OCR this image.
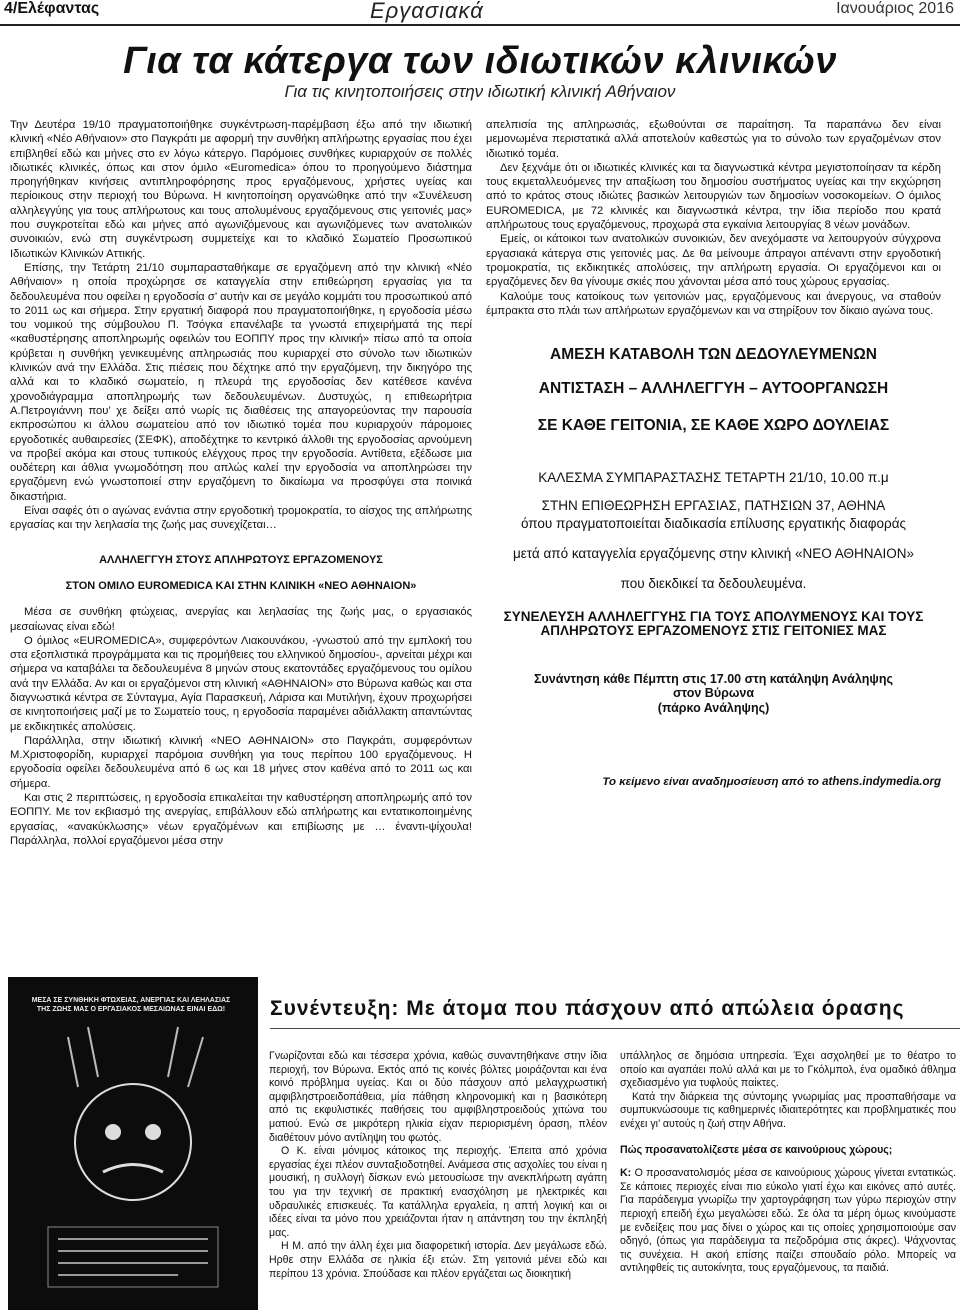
4/Ελέφαντας	Εργασιακά	Ιανουάριος 2016
Για τα κάτεργα των ιδιωτικών κλινικών
Για τις κινητοποιήσεις στην ιδιωτική κλινική Αθήναιον

Την Δευτέρα 19/10 πραγματοποιήθηκε συγκέντρωση-παρέμβαση έξω από την ιδιωτική κλινική «Νέο Αθήναιον» στο Παγκράτι με αφορμή την συνθήκη απλήρωτης εργασίας που έχει επιβληθεί εδώ και μήνες στο εν λόγω κάτεργο. Παρόμοιες συνθήκες κυριαρχούν σε πολλές ιδιωτικές κλινικές, όπως και στον όμιλο «Euromedica» όπου το προηγούμενο διάστημα προηγήθηκαν κινήσεις αντιπληροφόρησης προς εργαζόμενους, χρήστες υγείας και περίοικους στην περιοχή του Βύρωνα. Η κινητοποίηση οργανώθηκε από την «Συνέλευση αλληλεγγύης για τους απλήρωτους και τους απολυμένους εργαζόμενους στις γειτονιές μας» που συγκροτείται εδώ και μήνες από αγωνιζόμενους και αγωνιζόμενες των ανατολικών συνοικιών, ενώ στη συγκέντρωση συμμετείχε και το κλαδικό Σωματείο Προσωπικού Ιδιωτικών Κλινικών Αττικής.

Επίσης, την Τετάρτη 21/10 συμπαρασταθήκαμε σε εργαζόμενη από την κλινική «Νέο Αθήναιον» η οποία προχώρησε σε καταγγελία στην επιθεώρηση εργασίας για τα δεδουλευμένα που οφείλει η εργοδοσία σ’ αυτήν και σε μεγάλο κομμάτι του προσωπικού από το 2011 ως και σήμερα. Στην εργατική διαφορά που πραγματοποιήθηκε, η εργοδοσία μέσω του νομικού της σύμβουλου Π. Τσόγκα επανέλαβε τα γνωστά επιχειρήματά της περί «καθυστέρησης αποπληρωμής οφειλών του ΕΟΠΠΥ προς την κλινική» πίσω από τα οποία κρύβεται η συνθήκη γενικευμένης απληρωσιάς που κυριαρχεί στο σύνολο των ιδιωτικών κλινικών ανά την Ελλάδα. Στις πιέσεις που δέχτηκε από την εργαζόμενη, την δικηγόρο της αλλά και το κλαδικό σωματείο, η πλευρά της εργοδοσίας δεν κατέθεσε κανένα χρονοδιάγραμμα αποπληρωμής των δεδουλευμένων. Δυστυχώς, η επιθεωρήτρια Α.Πετρογιάννη που’ χε δείξει από νωρίς τις διαθέσεις της απαγορεύοντας την παρουσία εκπροσώπου κι άλλου σωματείου από τον ιδιωτικό τομέα που κυριαρχούν πάρομοιες εργοδοτικές αυθαιρεσίες (ΣΕΦΚ), αποδέχτηκε το κεντρικό άλλοθι της εργοδοσίας αρνούμενη να προβεί ακόμα και στους τυπικούς ελέγχους προς την εργοδοσία. Αντίθετα, εξέδωσε μια ουδέτερη και άθλια γνωμοδότηση που απλώς καλεί την εργοδοσία να αποπληρώσει την εργαζόμενη ενώ γνωστοποιεί στην εργαζόμενη το δικαίωμα να προσφύγει στα ποινικά δικαστήρια.

Είναι σαφές ότι ο αγώνας ενάντια στην εργοδοτική τρομοκρατία, το αίσχος της απλήρωτης εργασίας και την λεηλασία της ζωής μας συνεχίζεται…

ΑΛΛΗΛΕΓΓΥΗ ΣΤΟΥΣ ΑΠΛΗΡΩΤΟΥΣ ΕΡΓΑΖΟΜΕΝΟΥΣ

ΣΤΟΝ ΟΜΙΛΟ EUROMEDICA ΚΑΙ ΣΤΗΝ ΚΛΙΝΙΚΗ «ΝΕΟ ΑΘΗΝΑΙΟΝ»

Μέσα σε συνθήκη φτώχειας, ανεργίας και λεηλασίας της ζωής μας, ο εργασιακός μεσαίωνας είναι εδώ!

Ο όμιλος «EUROMEDICA», συμφερόντων Λιακουνάκου, -γνωστού από την εμπλοκή του στα εξοπλιστικά προγράμματα και τις προμήθειες του ελληνικού δημοσίου-, αρνείται μέχρι και σήμερα να καταβάλει τα δεδουλευμένα 8 μηνών στους εκατοντάδες εργαζόμενους του ομίλου ανά την Ελλάδα. Αν και οι εργαζόμενοι στη κλινική «ΑΘΗΝΑΙΟΝ» στο Βύρωνα καθώς και στα διαγνωστικά κέντρα σε Σύνταγμα, Αγία Παρασκευή, Λάρισα και Μυτιλήνη, έχουν προχωρήσει σε κινητοποιήσεις μαζί με το Σωματείο τους, η εργοδοσία παραμένει αδιάλλακτη απαντώντας με εκδικητικές απολύσεις.

Παράλληλα, στην ιδιωτική κλινική «ΝΕΟ ΑΘΗΝΑΙΟΝ» στο Παγκράτι, συμφερόντων Μ.Χριστοφορίδη, κυριαρχεί παρόμοια συνθήκη για τους περίπου 100 εργαζόμενους. Η εργοδοσία οφείλει δεδουλευμένα από 6 ως και 18 μήνες στον καθένα από το 2011 ως και σήμερα.

Και στις 2 περιπτώσεις, η εργοδοσία επικαλείται την καθυστέρηση αποπληρωμής από τον ΕΟΠΠΥ. Με τον εκβιασμό της ανεργίας, επιβάλλουν εδώ απλήρωτης και εντατικοποιημένης εργασίας, «ανακύκλωσης» νέων εργαζόμένων και επιβίωσης με … έναντι-ψίχουλα! Παράλληλα, πολλοί εργαζόμενοι μέσα στην

απελπισία της απληρωσιάς, εξωθούνται σε παραίτηση. Τα παραπάνω δεν είναι μεμονωμένα περιστατικά αλλά αποτελούν καθεστώς για το σύνολο των εργαζομένων στον ιδιωτικό τομέα.

Δεν ξεχνάμε ότι οι ιδιωτικές κλινικές και τα διαγνωστικά κέντρα μεγιστοποίησαν τα κέρδη τους εκμεταλλευόμενες την απαξίωση του δημοσίου συστήματος υγείας και την εκχώρηση από το κράτος στους ιδιώτες βασικών λειτουργιών των δημοσίων νοσοκομείων. Ο όμιλος EUROMEDICA, με 72 κλινικές και διαγνωστικά κέντρα, την ίδια περίοδο που κρατά απλήρωτους τους εργαζόμενους, προχωρά στα εγκαίνια λειτουργίας 8 νέων μονάδων.

Εμείς, οι κάτοικοι των ανατολικών συνοικιών, δεν ανεχόμαστε να λειτουργούν σύγχρονα εργασιακά κάτεργα στις γειτονιές μας. Δε θα μείνουμε άπραγοι απέναντι στην εργοδοτική τρομοκρατία, τις εκδικητικές απολύσεις, την απλήρωτη εργασία. Οι εργαζόμενοι και οι εργαζόμενες δεν θα γίνουμε σκιές που χάνονται μέσα από τους χώρους εργασίας.

Καλούμε τους κατοίκους των γειτονιών μας, εργαζόμενους και άνεργους, να σταθούν έμπρακτα στο πλάι των απλήρωτων εργαζόμενων και να στηρίξουν τον δίκαιο αγώνα τους.

ΑΜΕΣΗ ΚΑΤΑΒΟΛΗ ΤΩΝ ΔΕΔΟΥΛΕΥΜΕΝΩΝ

ΑΝΤΙΣΤΑΣΗ – ΑΛΛΗΛΕΓΓΥΗ – ΑΥΤΟΟΡΓΑΝΩΣΗ

ΣΕ ΚΑΘΕ ΓΕΙΤΟΝΙΑ, ΣΕ ΚΑΘΕ ΧΩΡΟ ΔΟΥΛΕΙΑΣ

ΚΑΛΕΣΜΑ ΣΥΜΠΑΡΑΣΤΑΣΗΣ ΤΕΤΑΡΤΗ 21/10, 10.00 π.μ

ΣΤΗΝ ΕΠΙΘΕΩΡΗΣΗ ΕΡΓΑΣΙΑΣ, ΠΑΤΗΣΙΩΝ 37, ΑΘΗΝΑ

όπου πραγματοποιείται διαδικασία επίλυσης εργατικής διαφοράς

μετά από καταγγελία εργαζόμενης στην κλινική «ΝΕΟ ΑΘΗΝΑΙΟΝ»

που διεκδικεί τα δεδουλευμένα.

ΣΥΝΕΛΕΥΣΗ ΑΛΛΗΛΕΓΓΥΗΣ ΓΙΑ ΤΟΥΣ ΑΠΟΛΥΜΕΝΟΥΣ ΚΑΙ ΤΟΥΣ ΑΠΛΗΡΩΤΟΥΣ ΕΡΓΑΖΟΜΕΝΟΥΣ ΣΤΙΣ ΓΕΙΤΟΝΙΕΣ ΜΑΣ

Συνάντηση κάθε Πέμπτη στις 17.00 στη κατάληψη Ανάληψης

στον Βύρωνα

(πάρκο Ανάληψης)

Το κείμενο είναι αναδημοσίευση από το athens.indymedia.org

ΜΕΣΑ ΣΕ ΣΥΝΘΗΚΗ ΦΤΩΧΕΙΑΣ, ΑΝΕΡΓΙΑΣ ΚΑΙ ΛΕΗΛΑΣΙΑΣ ΤΗΣ ΖΩΗΣ ΜΑΣ Ο ΕΡΓΑΣΙΑΚΟΣ ΜΕΣΑΙΩΝΑΣ ΕΙΝΑΙ ΕΔΩ!	Συνέντευξη: Με άτομα που πάσχουν από απώλεια όρασης

Γνωρίζονται εδώ και τέσσερα χρόνια, καθώς συναντηθήκανε στην ίδια περιοχή, τον Βύρωνα. Εκτός από τις κοινές βόλτες μοιράζονται και ένα κοινό πρόβλημα υγείας. Και οι δύο πάσχουν από μελαγχρωστική αμφιβληστροειδοπάθεια, μία πάθηση κληρονομική και η βασικότερη από τις εκφυλιστικές παθήσεις του αμφιβληστροειδούς χιτώνα του ματιού. Ενώ σε μικρότερη ηλικία είχαν περιορισμένη όραση, πλέον διαθέτουν μόνο αντίληψη του φωτός.

Ο Κ. είναι μόνιμος κάτοικος της περιοχής. Έπειτα από χρόνια εργασίας έχει πλέον συνταξιοδοτηθεί. Ανάμεσα στις ασχολίες του είναι η μουσική, η συλλογή δίσκων ενώ μετουσίωσε την ανεκπλήρωτη αγάπη του για την τεχνική σε πρακτική ενασχόληση με ηλεκτρικές και υδραυλικές επισκευές. Τα κατάλληλα εργαλεία, η απτή λογική και οι ιδέες είναι τα μόνο που χρειάζονται ήταν η απάντηση του την έκπληξή μας.

Η Μ. από την άλλη έχει μια διαφορετική ιστορία. Δεν μεγάλωσε εδώ. Ηρθε στην Ελλάδα σε ηλικία έξι ετών. Στη γειτονιά μένει εδώ και περίπου 13 χρόνια. Σπούδασε και πλέον εργάζεται ως διοικητική

υπάλληλος σε δημόσια υπηρεσία. Έχει ασχοληθεί με το θέατρο το οποίο και αγαπάει πολύ αλλά και με το Γκόλμπολ, ένα ομαδικό άθλημα σχεδιασμένο για τυφλούς παίκτες.

Κατά την διάρκεια της σύντομης γνωριμίας μας προσπαθήσαμε να συμπυκνώσουμε τις καθημερινές ιδιαιτερότητες και προβληματικές που ενέχει γι’ αυτούς η ζωή στην Αθήνα.

Πώς προσανατολίζεστε μέσα σε καινούριους χώρους;

Κ: Ο προσανατολισμός μέσα σε καινούριους χώρους γίνεται εντατικώς. Σε κάποιες περιοχές είναι πιο εύκολο γιατί έχω και εικόνες από αυτές. Για παράδειγμα γνωρίζω την χαρτογράφηση των γύρω περιοχών στην περιοχή επειδή έχω μεγαλώσει εδώ. Σε όλα τα μέρη όμως κινούμαστε με ενδείξεις που μας δίνει ο χώρος και τις οποίες χρησιμοποιούμε σαν οδηγό, (όπως για παράδειγμα τα πεζοδρόμια στις άκρες). Ψάχνοντας τις συνέχεια. Η ακοή επίσης παίζει σπουδαίο ρόλο. Μπορείς να αντιληφθείς τις αυτοκίνητα, τους εργαζόμενους, τα παιδιά.
